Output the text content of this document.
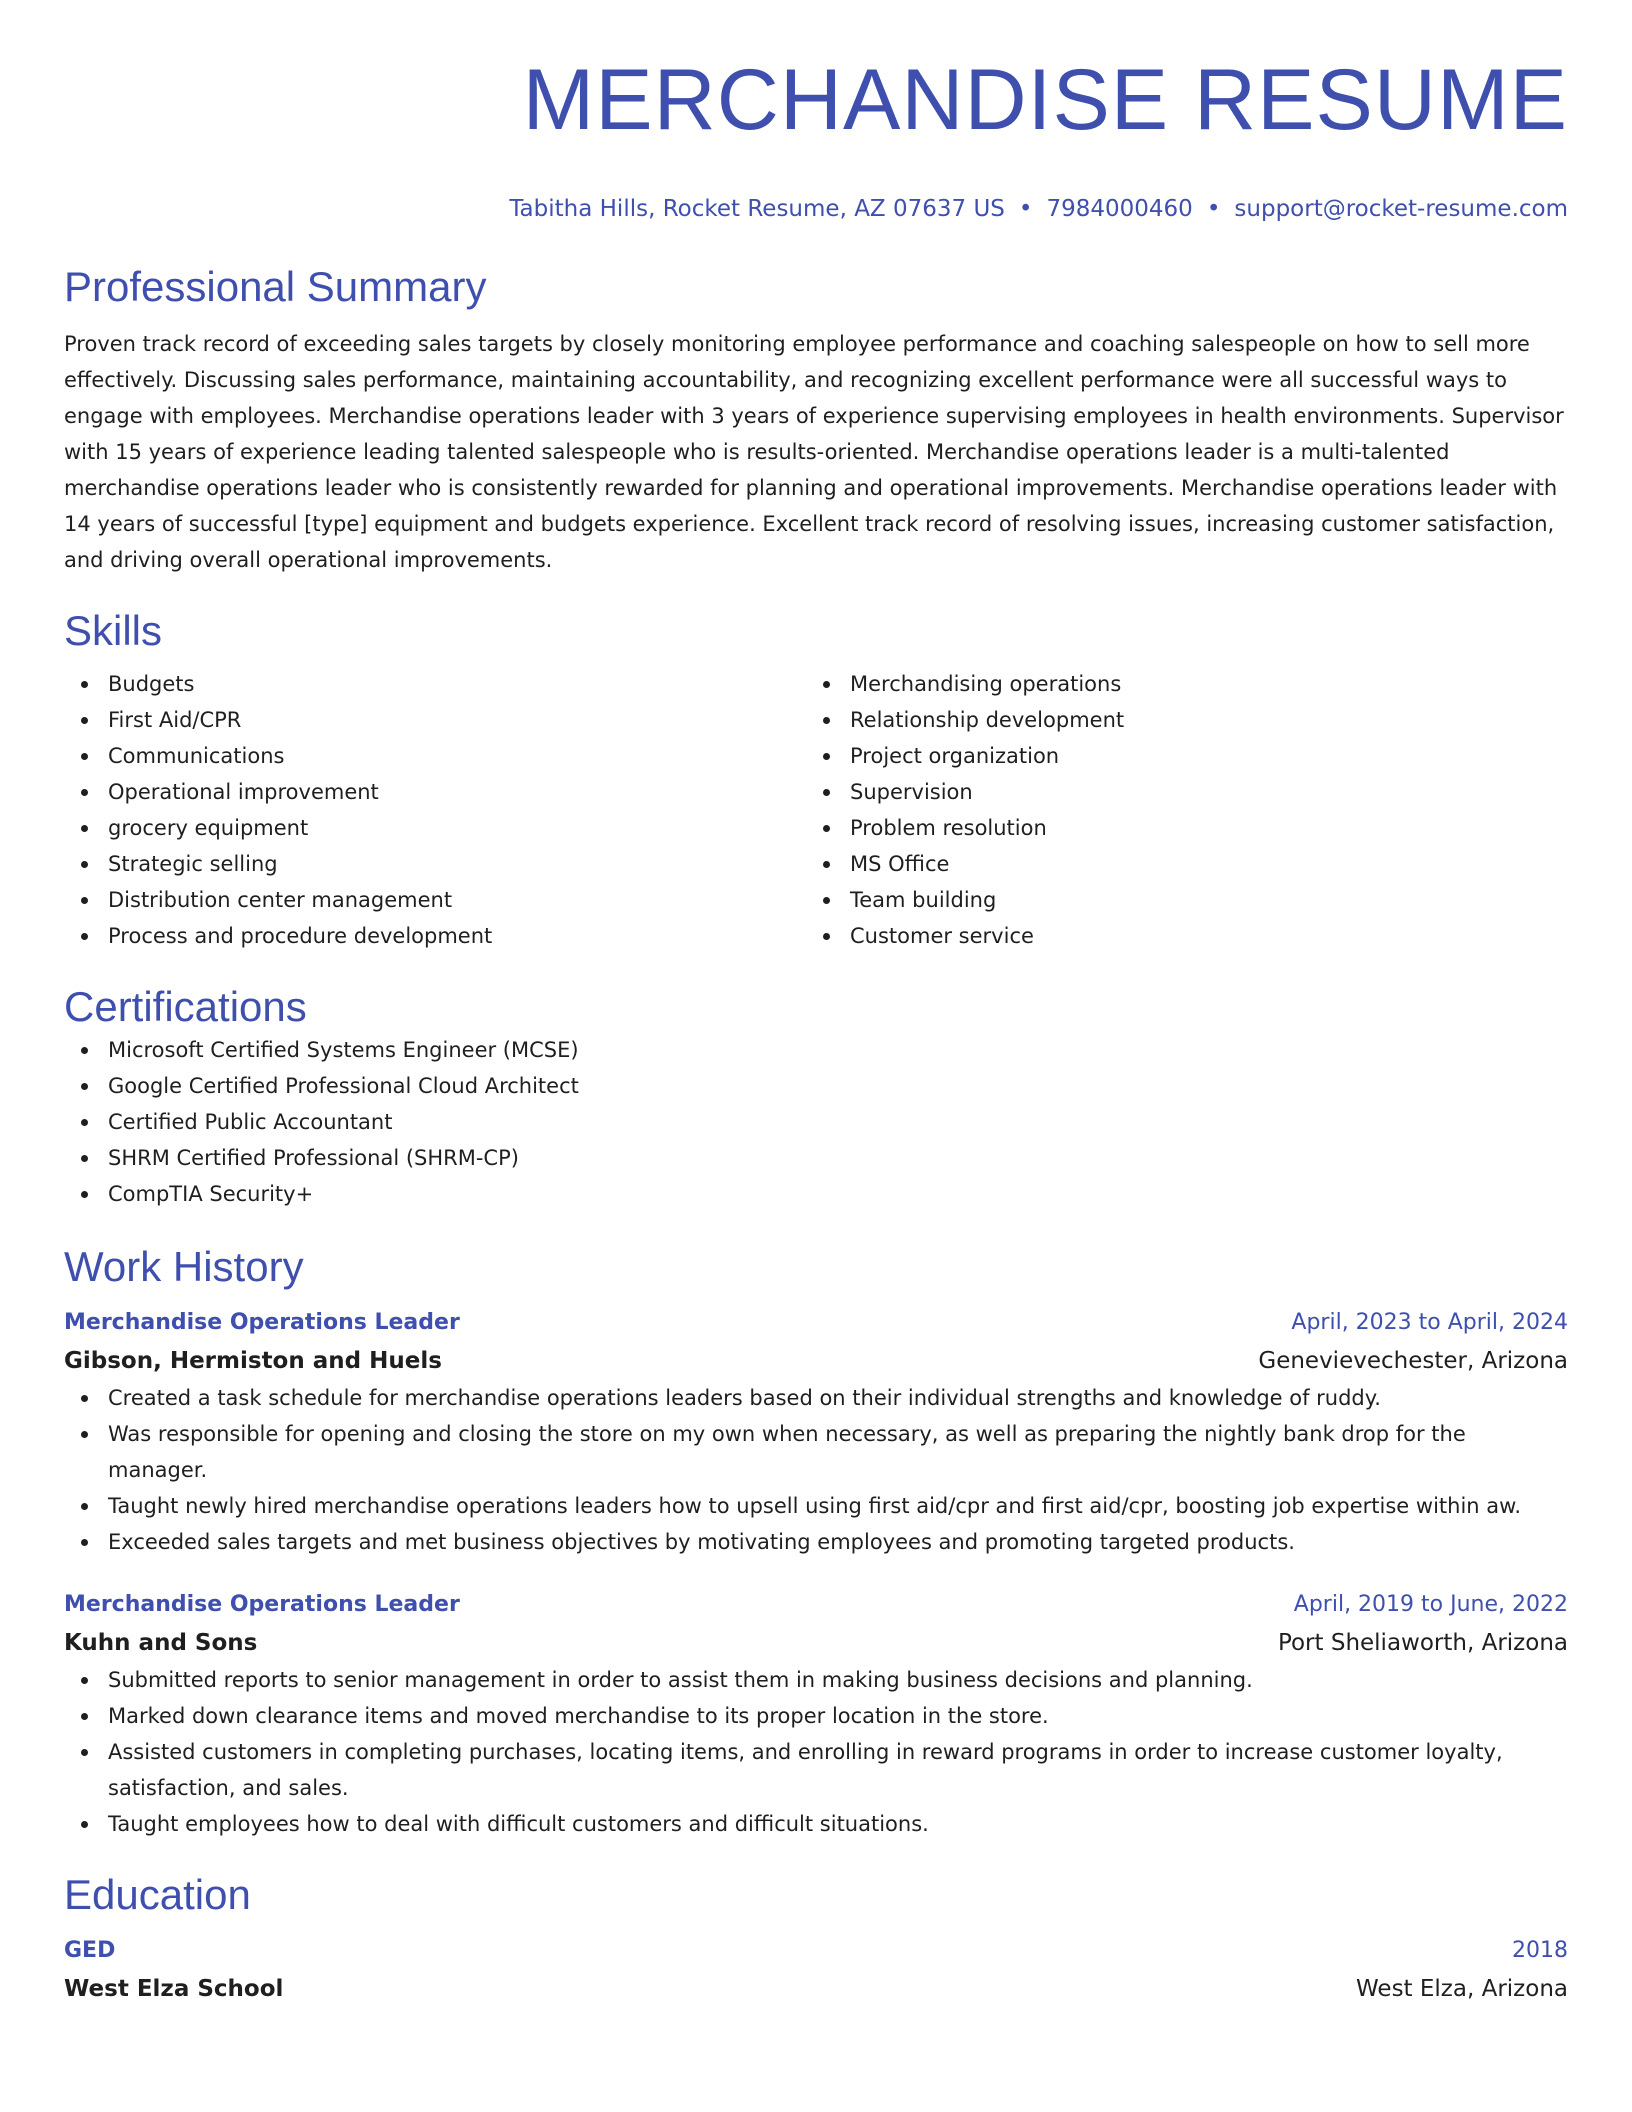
MERCHANDISE RESUME
Tabitha Hills, Rocket Resume, AZ 07637 US • 7984000460 • support@rocket-resume.com
Professional Summary

Proven track record of exceeding sales targets by closely monitoring employee performance and coaching salespeople on how to sell more effectively. Discussing sales performance, maintaining accountability, and recognizing excellent performance were all successful ways to engage with employees. Merchandise operations leader with 3 years of experience supervising employees in health environments. Supervisor with 15 years of experience leading talented salespeople who is results-oriented. Merchandise operations leader is a multi-talented merchandise operations leader who is consistently rewarded for planning and operational improvements. Merchandise operations leader with 14 years of successful [type] equipment and budgets experience. Excellent track record of resolving issues, increasing customer satisfaction, and driving overall operational improvements.

Skills
Budgets
First Aid/CPR
Communications
Operational improvement
grocery equipment
Strategic selling
Distribution center management
Process and procedure development
Merchandising operations
Relationship development
Project organization
Supervision
Problem resolution
MS Office
Team building
Customer service
Certifications
Microsoft Certified Systems Engineer (MCSE)
Google Certified Professional Cloud Architect
Certified Public Accountant
SHRM Certified Professional (SHRM-CP)
CompTIA Security+
Work History
Merchandise Operations Leader	April, 2023 to April, 2024
Gibson, Hermiston and Huels	Genevievechester, Arizona
Created a task schedule for merchandise operations leaders based on their individual strengths and knowledge of ruddy.
Was responsible for opening and closing the store on my own when necessary, as well as preparing the nightly bank drop for the manager.
Taught newly hired merchandise operations leaders how to upsell using first aid/cpr and first aid/cpr, boosting job expertise within aw.
Exceeded sales targets and met business objectives by motivating employees and promoting targeted products.
Merchandise Operations Leader	April, 2019 to June, 2022
Kuhn and Sons	Port Sheliaworth, Arizona
Submitted reports to senior management in order to assist them in making business decisions and planning.
Marked down clearance items and moved merchandise to its proper location in the store.
Assisted customers in completing purchases, locating items, and enrolling in reward programs in order to increase customer loyalty, satisfaction, and sales.
Taught employees how to deal with difficult customers and difficult situations.
Education
GED	2018
West Elza School	West Elza, Arizona
